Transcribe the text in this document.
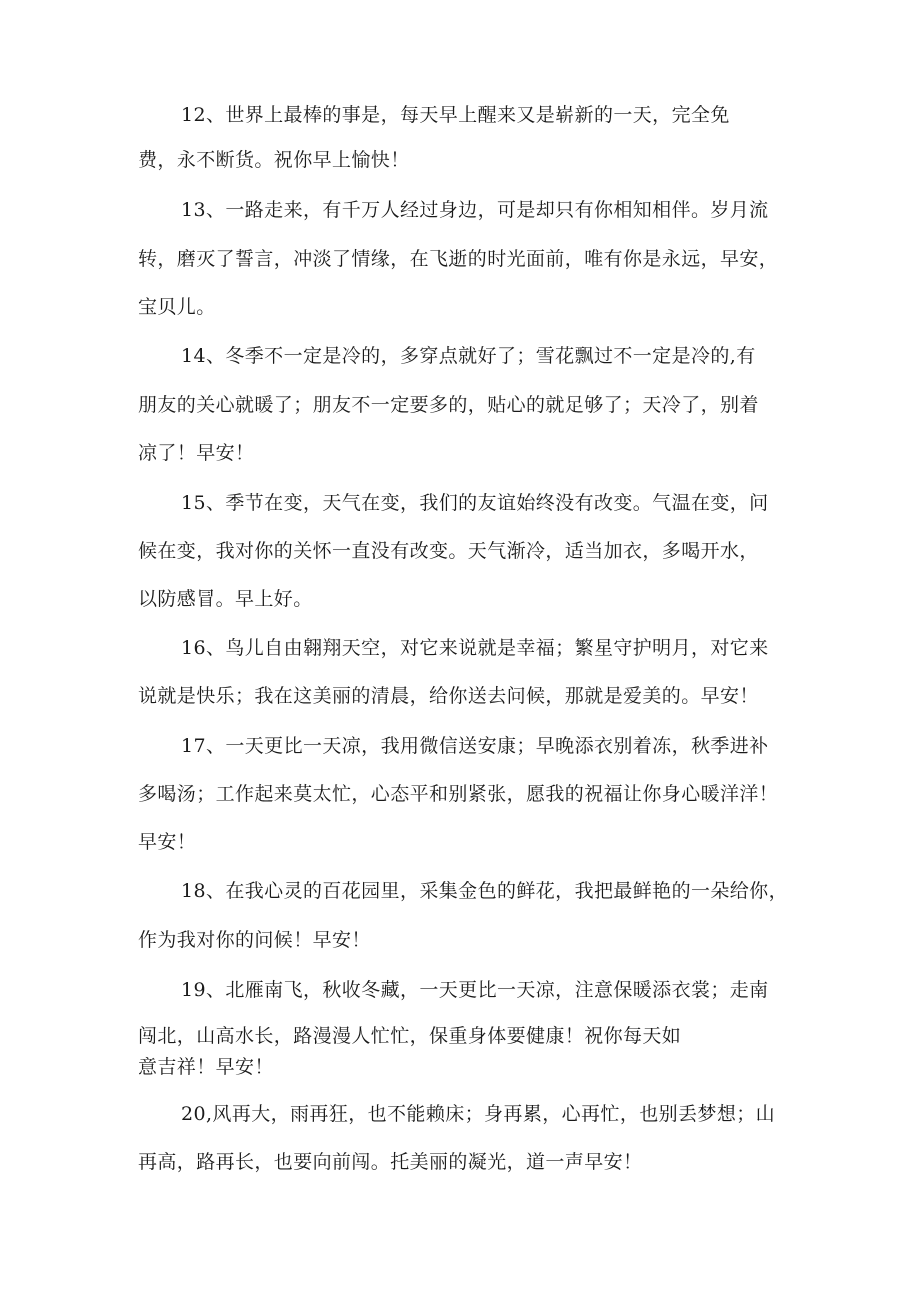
12、世界上最棒的事是，每天早上醒来又是崭新的一天，完全免

费，永不断货。祝你早上愉快！

13、一路走来，有千万人经过身边，可是却只有你相知相伴。岁月流

转，磨灭了誓言，冲淡了情缘，在飞逝的时光面前，唯有你是永远，早安，

宝贝儿。

14、冬季不一定是冷的，多穿点就好了；雪花飘过不一定是冷的,有

朋友的关心就暖了；朋友不一定要多的，贴心的就足够了；天冷了，别着

凉了！早安！

15、季节在变，天气在变，我们的友谊始终没有改变。气温在变，问

候在变，我对你的关怀一直没有改变。天气渐冷，适当加衣，多喝开水，

以防感冒。早上好。

16、鸟儿自由翱翔天空，对它来说就是幸福；繁星守护明月，对它来

说就是快乐；我在这美丽的清晨，给你送去问候，那就是爱美的。早安！

17、一天更比一天凉，我用微信送安康；早晚添衣别着冻，秋季进补

多喝汤；工作起来莫太忙，心态平和别紧张，愿我的祝福让你身心暖洋洋！

早安！

18、在我心灵的百花园里，采集金色的鲜花，我把最鲜艳的一朵给你，

作为我对你的问候！早安！

19、北雁南飞，秋收冬藏，一天更比一天凉，注意保暖添衣裳；走南

闯北，山高水长，路漫漫人忙忙，保重身体要健康！祝你每天如

意吉祥！早安！

20,风再大，雨再狂，也不能赖床；身再累，心再忙，也别丢梦想；山

再高，路再长，也要向前闯。托美丽的凝光，道一声早安！
